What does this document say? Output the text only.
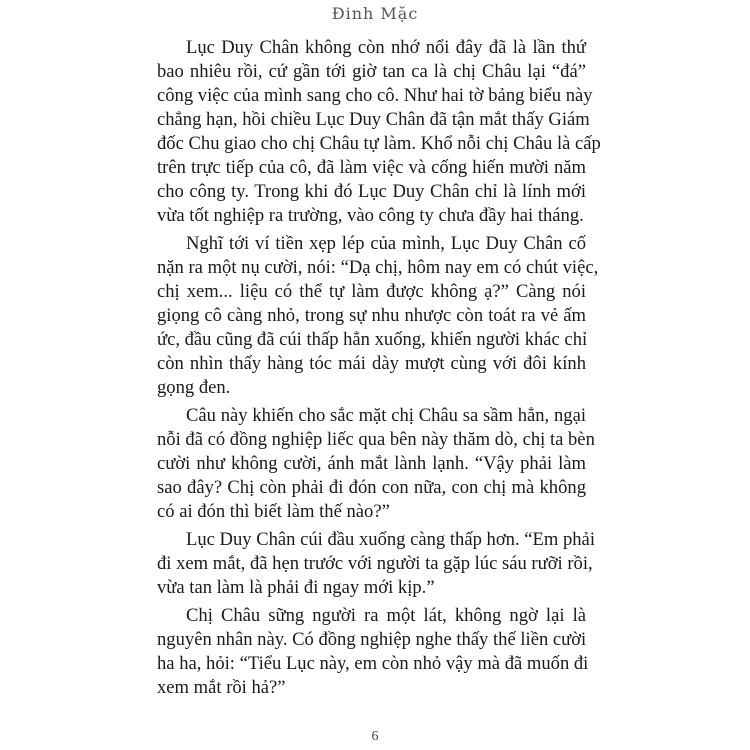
Đinh Mặc
Lục Duy Chân không còn nhớ nổi đây đã là lần thứ
bao nhiêu rồi, cứ gần tới giờ tan ca là chị Châu lại “đá”
công việc của mình sang cho cô. Như hai tờ bảng biểu này
chẳng hạn, hồi chiều Lục Duy Chân đã tận mắt thấy Giám
đốc Chu giao cho chị Châu tự làm. Khổ nỗi chị Châu là cấp
trên trực tiếp của cô, đã làm việc và cống hiến mười năm
cho công ty. Trong khi đó Lục Duy Chân chỉ là lính mới
vừa tốt nghiệp ra trường, vào công ty chưa đầy hai tháng.
Nghĩ tới ví tiền xẹp lép của mình, Lục Duy Chân cố
nặn ra một nụ cười, nói: “Dạ chị, hôm nay em có chút việc,
chị xem... liệu có thể tự làm được không ạ?” Càng nói
giọng cô càng nhỏ, trong sự nhu nhược còn toát ra vẻ ấm
ức, đầu cũng đã cúi thấp hẳn xuống, khiến người khác chỉ
còn nhìn thấy hàng tóc mái dày mượt cùng với đôi kính
gọng đen.
Câu này khiến cho sắc mặt chị Châu sa sầm hẳn, ngại
nỗi đã có đồng nghiệp liếc qua bên này thăm dò, chị ta bèn
cười như không cười, ánh mắt lành lạnh. “Vậy phải làm
sao đây? Chị còn phải đi đón con nữa, con chị mà không
có ai đón thì biết làm thế nào?”
Lục Duy Chân cúi đầu xuống càng thấp hơn. “Em phải
đi xem mắt, đã hẹn trước với người ta gặp lúc sáu rưỡi rồi,
vừa tan làm là phải đi ngay mới kịp.”
Chị Châu sững người ra một lát, không ngờ lại là
nguyên nhân này. Có đồng nghiệp nghe thấy thế liền cười
ha ha, hỏi: “Tiểu Lục này, em còn nhỏ vậy mà đã muốn đi
xem mắt rồi hả?”
6
